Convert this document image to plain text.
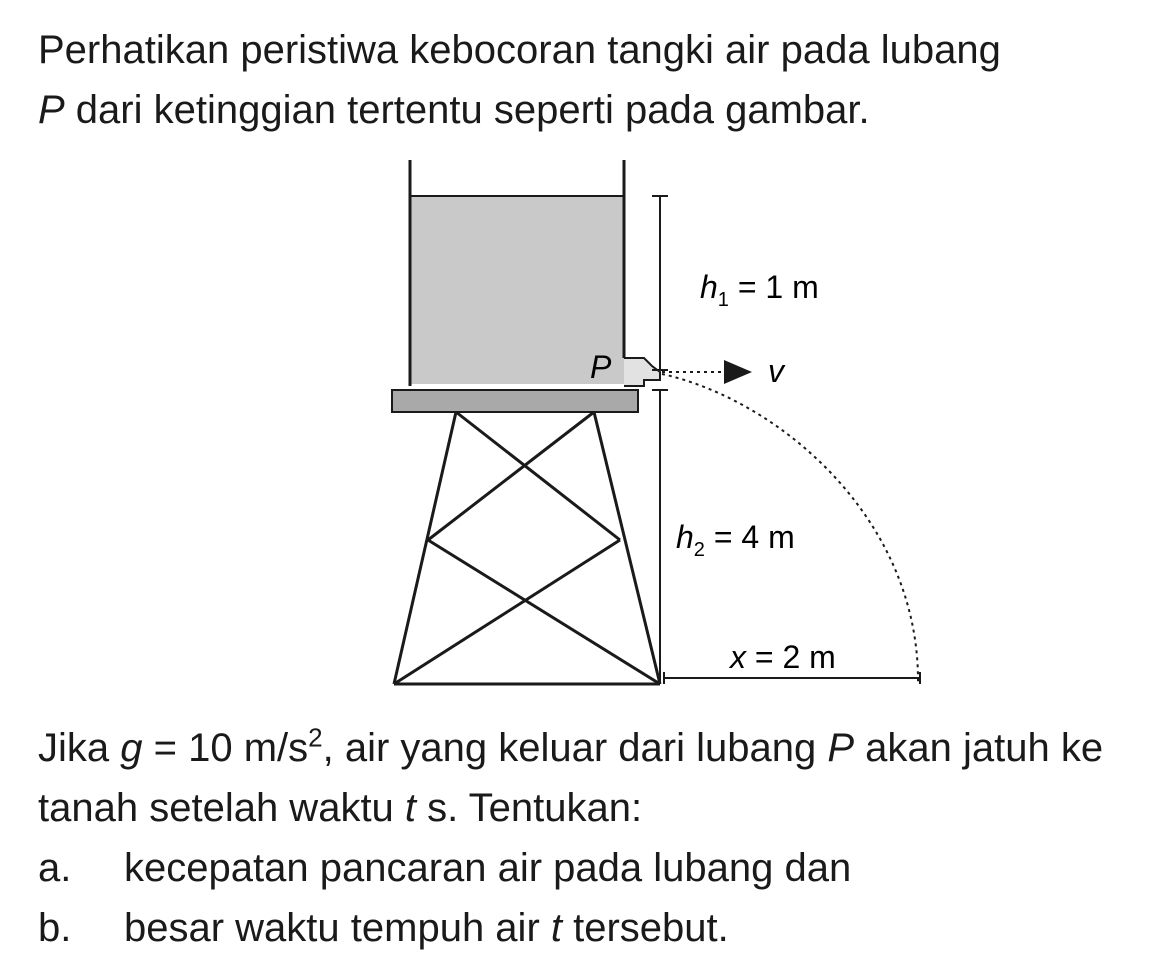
Perhatikan peristiwa kebocoran tangki air pada lubang
P dari ketinggian tertentu seperti pada gambar.

P
$h_1 = 1$ m
v
$h_2 = 4$ m
x = 2 m

Jika g = 10 $m/s^2$, air yang keluar dari lubang P akan jatuh ke tanah setelah waktu t s. Tentukan:

a.	kecepatan pancaran air pada lubang dan
b.	besar waktu tempuh air t tersebut.
